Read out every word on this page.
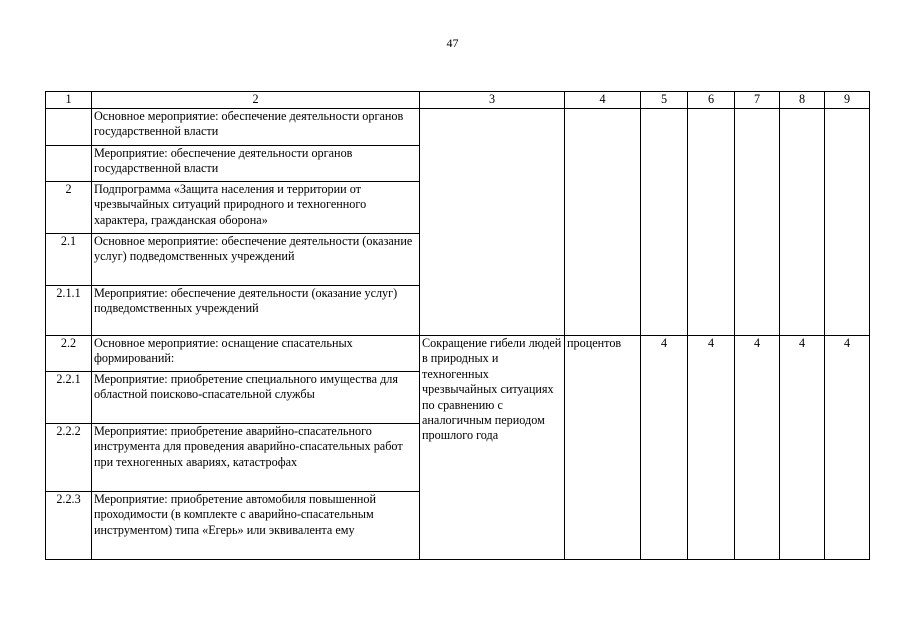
47
1	2	3	4	5	6	7	8	9
	Основное мероприятие: обеспечение деятельности органов государственной власти							
	Мероприятие: обеспечение деятельности органов государственной власти							
2	Подпрограмма «Защита населения и территории от чрезвычайных ситуаций природного и техногенного характера, гражданская оборона»							
2.1	Основное мероприятие: обеспечение деятельности (оказание услуг) подведомственных учреждений							
2.1.1	Мероприятие: обеспечение деятельности (оказание услуг) подведомственных учреждений							
2.2	Основное мероприятие: оснащение спасательных формирований:	Сокращение гибели людей в природных и техногенных чрезвычайных ситуациях по сравнению с аналогичным периодом прошлого года	процентов	4	4	4	4	4
2.2.1	Мероприятие: приобретение специального имущества для областной поисково-спасательной службы							
2.2.2	Мероприятие: приобретение аварийно-спасательного инструмента для проведения аварийно-спасательных работ при техногенных авариях, катастрофах							
2.2.3	Мероприятие: приобретение автомобиля повышенной проходимости (в комплекте с аварийно-спасательным инструментом) типа «Егерь» или эквивалента ему							
